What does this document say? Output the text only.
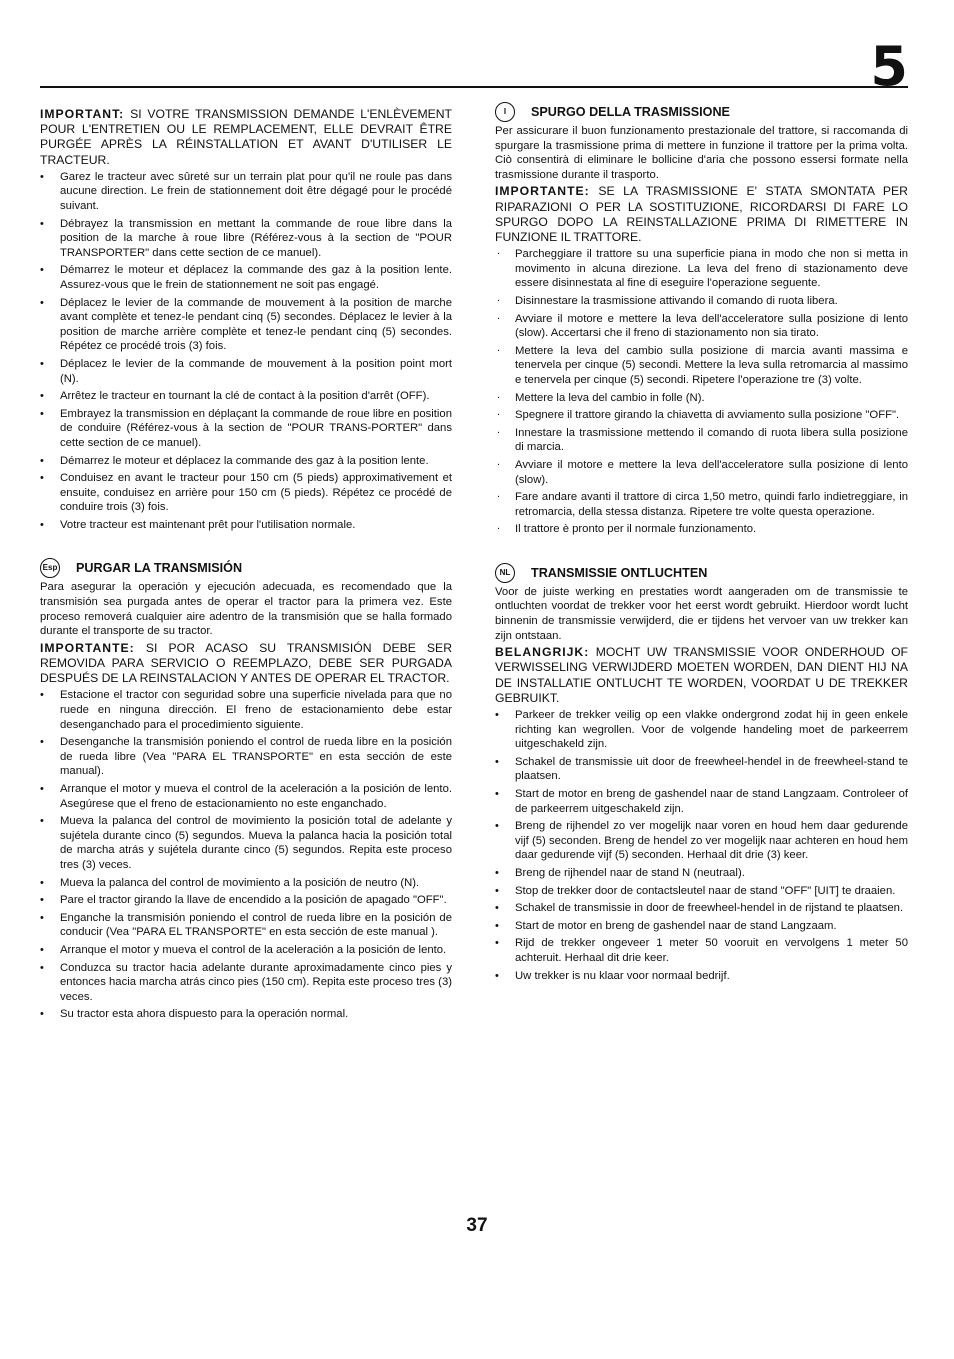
5

IMPORTANT: SI VOTRE TRANSMISSION DEMANDE L'ENLÈVEMENT POUR L'ENTRETIEN OU LE REMPLACEMENT, ELLE DEVRAIT ÊTRE PURGÉE APRÈS LA RÉINSTALLATION ET AVANT D'UTILISER LE TRACTEUR.

• Garez le tracteur avec sûreté sur un terrain plat pour qu'il ne roule pas dans aucune direction. Le frein de stationnement doit être dégagé pour le procédé suivant.
• Débrayez la transmission en mettant la commande de roue libre dans la position de la marche à roue libre (Référez-vous à la section de "POUR TRANSPORTER" dans cette section de ce manuel).
• Démarrez le moteur et déplacez la commande des gaz à la position lente. Assurez-vous que le frein de stationnement ne soit pas engagé.
• Déplacez le levier de la commande de mouvement à la position de marche avant complète et tenez-le pendant cinq (5) secondes. Déplacez le levier à la position de marche arrière complète et tenez-le pendant cinq (5) secondes. Répétez ce procédé trois (3) fois.
• Déplacez le levier de la commande de mouvement à la position point mort (N).
• Arrêtez le tracteur en tournant la clé de contact à la position d'arrêt (OFF).
• Embrayez la transmission en déplaçant la commande de roue libre en position de conduire (Référez-vous à la section de "POUR TRANS-PORTER" dans cette section de ce manuel).
• Démarrez le moteur et déplacez la commande des gaz à la position lente.
• Conduisez en avant le tracteur pour 150 cm (5 pieds) approximativement et ensuite, conduisez en arrière pour 150 cm (5 pieds). Répétez ce procédé de conduire trois (3) fois.
• Votre tracteur est maintenant prêt pour l'utilisation normale.
Esp PURGAR LA TRANSMISIÓN

Para asegurar la operación y ejecución adecuada, es recomendado que la transmisión sea purgada antes de operar el tractor para la primera vez. Este proceso removerá cualquier aire adentro de la transmisión que se halla formado durante el transporte de su tractor.

IMPORTANTE: SI POR ACASO SU TRANSMISIÓN DEBE SER REMOVIDA PARA SERVICIO O REEMPLAZO, DEBE SER PURGADA DESPUÉS DE LA REINSTALACION Y ANTES DE OPERAR EL TRACTOR.

• Estacione el tractor con seguridad sobre una superficie nivelada para que no ruede en ninguna dirección. El freno de estacionamiento debe estar desenganchado para el procedimiento siguiente.
• Desenganche la transmisión poniendo el control de rueda libre en la posición de rueda libre (Vea "PARA EL TRANSPORTE" en esta sección de este manual).
• Arranque el motor y mueva el control de la aceleración a la posición de lento. Asegúrese que el freno de estacionamiento no este enganchado.
• Mueva la palanca del control de movimiento la posición total de adelante y sujétela durante cinco (5) segundos. Mueva la palanca hacia la posición total de marcha atrás y sujétela durante cinco (5) segundos. Repita este proceso tres (3) veces.
• Mueva la palanca del control de movimiento a la posición de neutro (N).
• Pare el tractor girando la llave de encendido a la posición de apagado "OFF".
• Enganche la transmisión poniendo el control de rueda libre en la posición de conducir (Vea "PARA EL TRANSPORTE" en esta sección de este manual ).
• Arranque el motor y mueva el control de la aceleración a la posición de lento.
• Conduzca su tractor hacia adelante durante aproximadamente cinco pies y entonces hacia marcha atrás cinco pies (150 cm). Repita este proceso tres (3) veces.
• Su tractor esta ahora dispuesto para la operación normal.
I	SPURGO DELLA TRASMISSIONE

Per assicurare il buon funzionamento prestazionale del trattore, si raccomanda di spurgare la trasmissione prima di mettere in funzione il trattore per la prima volta. Ciò consentirà di eliminare le bollicine d'aria che possono essersi formate nella trasmissione durante il trasporto.

IMPORTANTE: SE LA TRASMISSIONE E' STATA SMONTATA PER RIPARAZIONI O PER LA SOSTITUZIONE, RICORDARSI DI FARE LO SPURGO DOPO LA REINSTALLAZIONE PRIMA DI RIMETTERE IN FUNZIONE IL TRATTORE.

. Parcheggiare il trattore su una superficie piana in modo che non si metta in movimento in alcuna direzione. La leva del freno di stazionamento deve essere disinnestata al fine di eseguire l'operazione seguente.
. Disinnestare la trasmissione attivando il comando di ruota libera.
. Avviare il motore e mettere la leva dell'acceleratore sulla posizione di lento (slow). Accertarsi che il freno di stazionamento non sia tirato.
. Mettere la leva del cambio sulla posizione di marcia avanti massima e tenervela per cinque (5) secondi. Mettere la leva sulla retromarcia al massimo e tenervela per cinque (5) secondi. Ripetere l'operazione tre (3) volte.
. Mettere la leva del cambio in folle (N).
. Spegnere il trattore girando la chiavetta di avviamento sulla posizione "OFF".
. Innestare la trasmissione mettendo il comando di ruota libera sulla posizione di marcia.
. Avviare il motore e mettere la leva dell'acceleratore sulla posizione di lento (slow).
. Fare andare avanti il trattore di circa 1,50 metro, quindi farlo indietreggiare, in retromarcia, della stessa distanza. Ripetere tre volte questa operazione.
. Il trattore è pronto per il normale funzionamento.
NL	TRANSMISSIE ONTLUCHTEN

Voor de juiste werking en prestaties wordt aangeraden om de transmissie te ontluchten voordat de trekker voor het eerst wordt gebruikt. Hierdoor wordt lucht binnenin de transmissie verwijderd, die er tijdens het vervoer van uw trekker kan zijn ontstaan.

BELANGRIJK: MOCHT UW TRANSMISSIE VOOR ONDERHOUD OF VERWISSELING VERWIJDERD MOETEN WORDEN, DAN DIENT HIJ NA DE INSTALLATIE ONTLUCHT TE WORDEN, VOORDAT U DE TREKKER GEBRUIKT.

• Parkeer de trekker veilig op een vlakke ondergrond zodat hij in geen enkele richting kan wegrollen. Voor de volgende handeling moet de parkeerrem uitgeschakeld zijn.
• Schakel de transmissie uit door de freewheel-hendel in de freewheel-stand te plaatsen.
• Start de motor en breng de gashendel naar de stand Langzaam. Controleer of de parkeerrem uitgeschakeld zijn.
• Breng de rijhendel zo ver mogelijk naar voren en houd hem daar gedurende vijf (5) seconden. Breng de hendel zo ver mogelijk naar achteren en houd hem daar gedurende vijf (5) seconden. Herhaal dit drie (3) keer.
• Breng de rijhendel naar de stand N (neutraal).
• Stop de trekker door de contactsleutel naar de stand "OFF" [UIT] te draaien.
• Schakel de transmissie in door de freewheel-hendel in de rijstand te plaatsen.
• Start de motor en breng de gashendel naar de stand Langzaam.
• Rijd de trekker ongeveer 1 meter 50 vooruit en vervolgens 1 meter 50 achteruit. Herhaal dit drie keer.
• Uw trekker is nu klaar voor normaal bedrijf.
37
